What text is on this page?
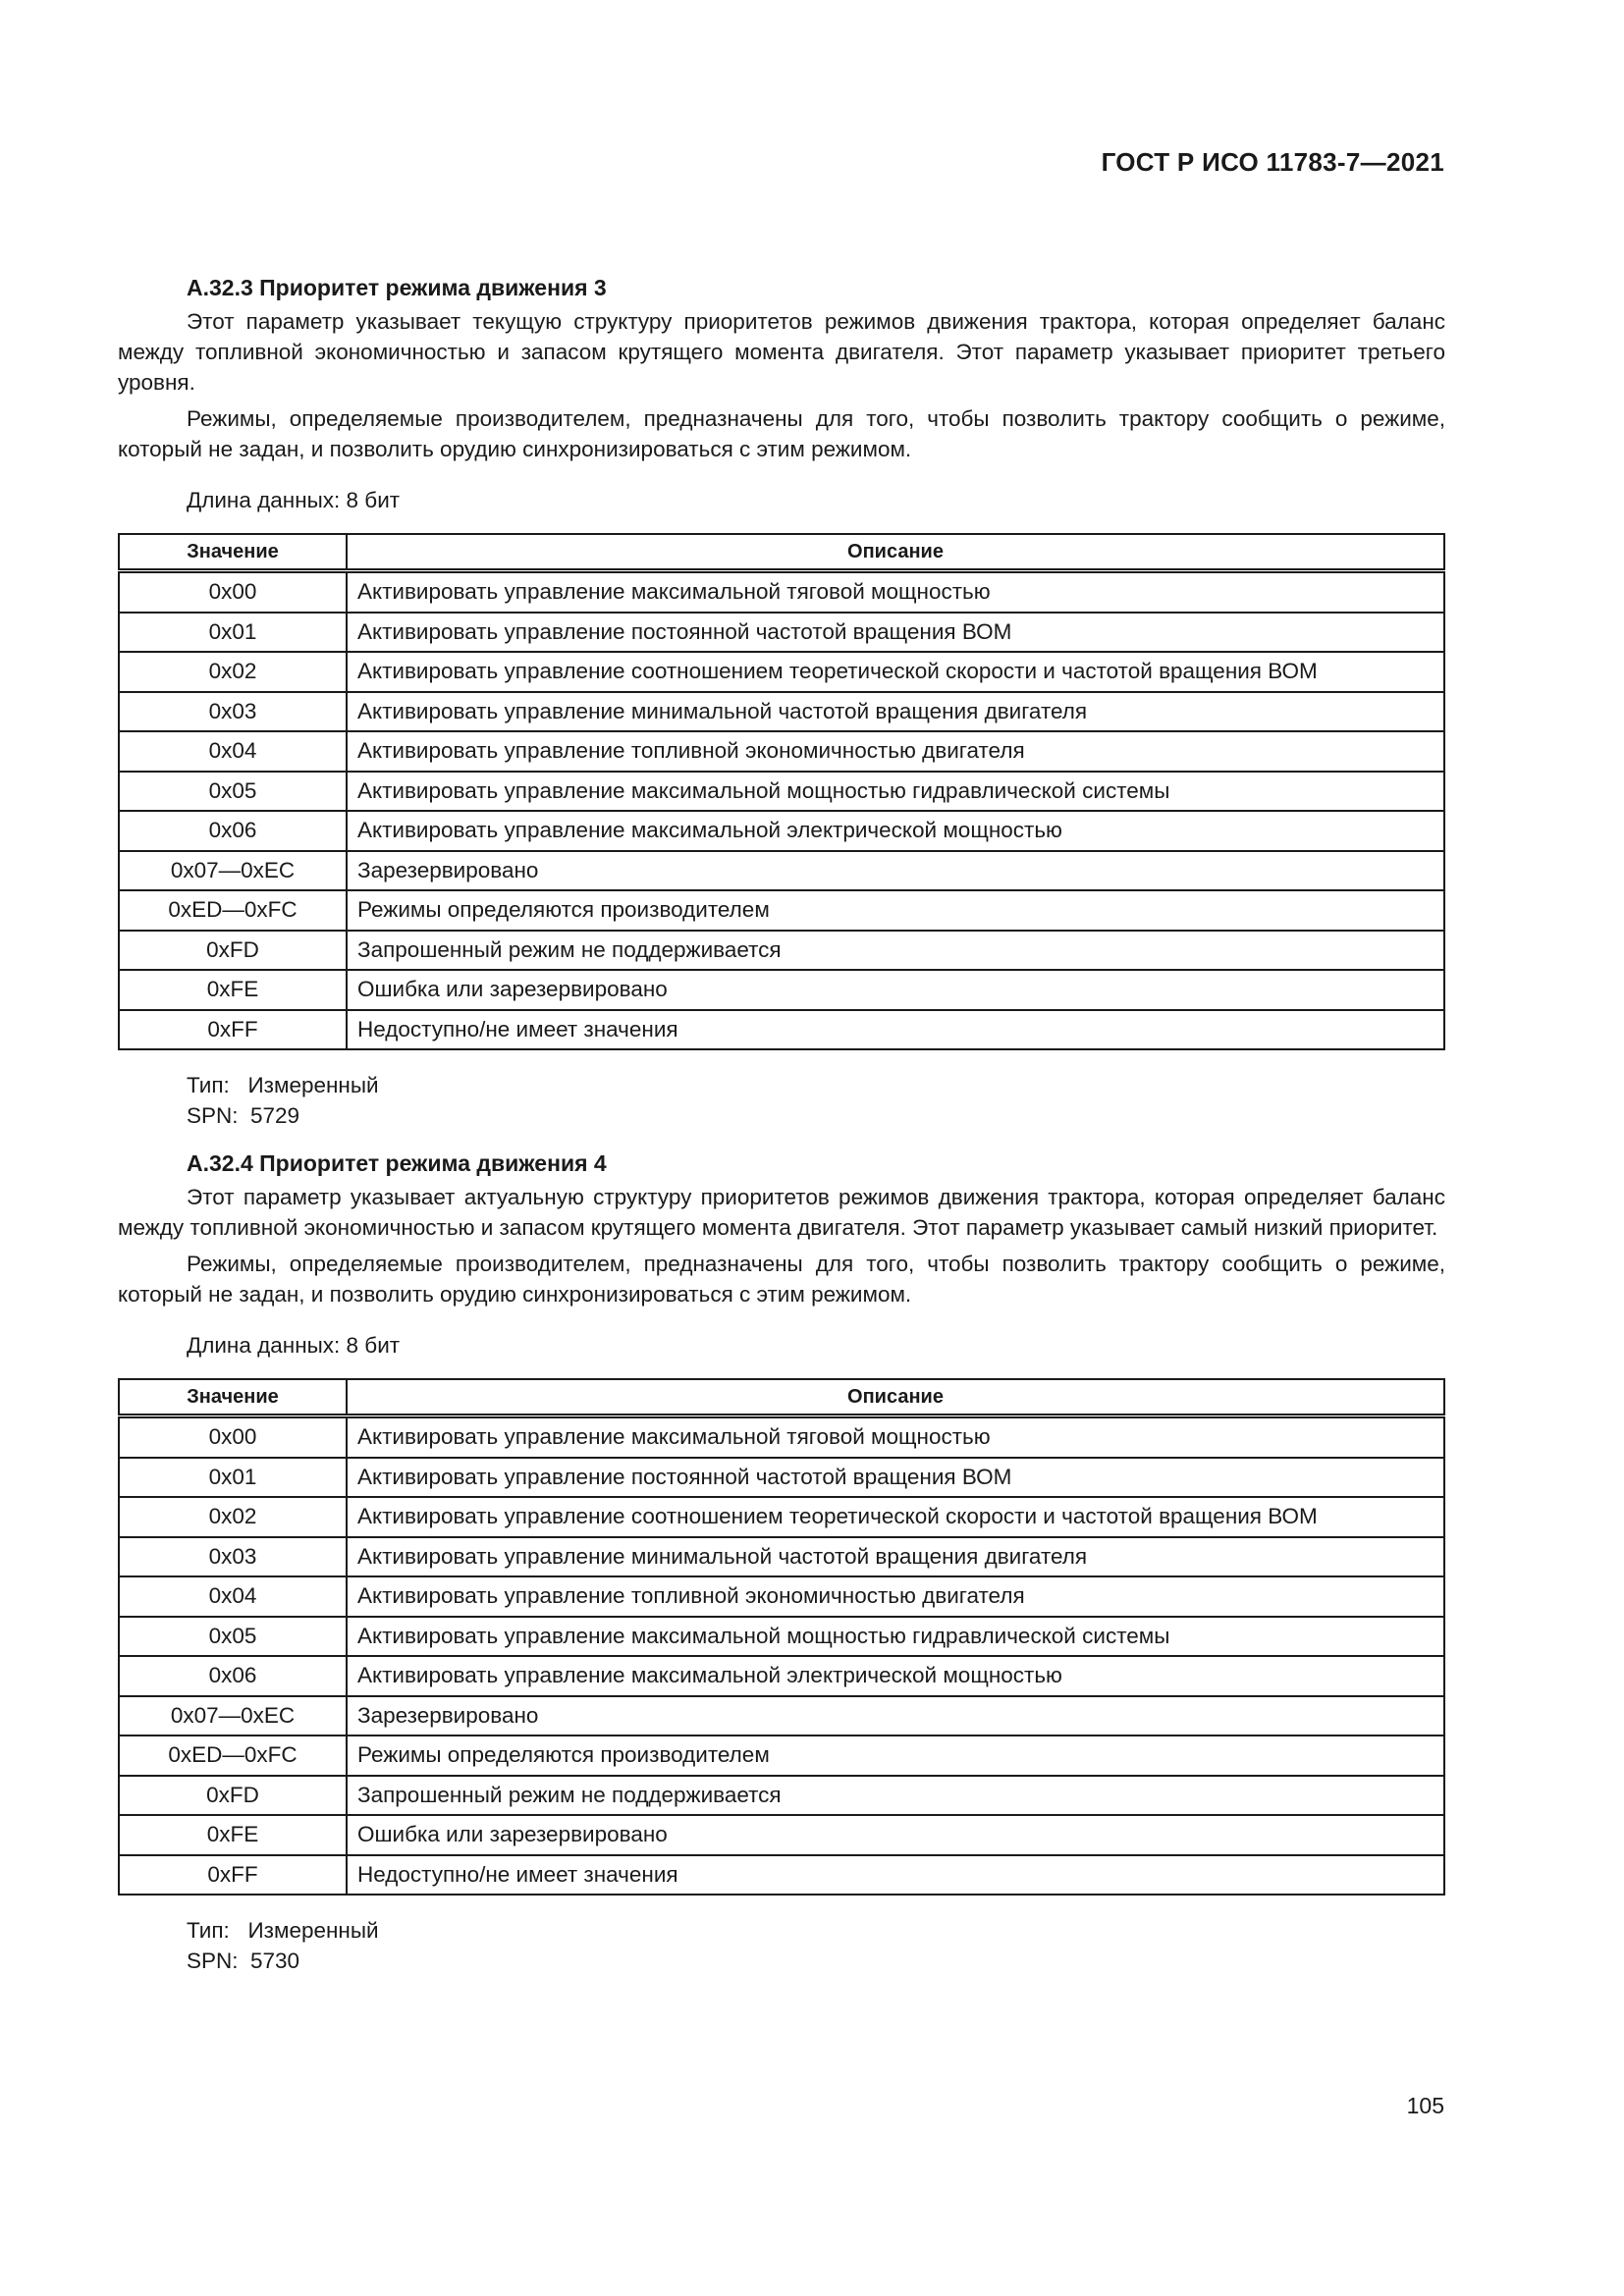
ГОСТ Р ИСО 11783-7—2021
А.32.3 Приоритет режима движения 3

Этот параметр указывает текущую структуру приоритетов режимов движения трактора, которая определяет баланс между топливной экономичностью и запасом крутящего момента двигателя. Этот параметр указывает приоритет третьего уровня.

Режимы, определяемые производителем, предназначены для того, чтобы позволить трактору сообщить о режиме, который не задан, и позволить орудию синхронизироваться с этим режимом.

Длина данных: 8 бит
Значение	Описание
0x00	Активировать управление максимальной тяговой мощностью
0x01	Активировать управление постоянной частотой вращения ВОМ
0x02	Активировать управление соотношением теоретической скорости и частотой вращения ВОМ
0x03	Активировать управление минимальной частотой вращения двигателя
0x04	Активировать управление топливной экономичностью двигателя
0x05	Активировать управление максимальной мощностью гидравлической системы
0x06	Активировать управление максимальной электрической мощностью
0x07—0xEC	Зарезервировано
0xED—0xFC	Режимы определяются производителем
0xFD	Запрошенный режим не поддерживается
0xFE	Ошибка или зарезервировано
0xFF	Недоступно/не имеет значения
Тип:   Измеренный
SPN:  5729
А.32.4 Приоритет режима движения 4

Этот параметр указывает актуальную структуру приоритетов режимов движения трактора, которая определяет баланс между топливной экономичностью и запасом крутящего момента двигателя. Этот параметр указывает самый низкий приоритет.

Режимы, определяемые производителем, предназначены для того, чтобы позволить трактору сообщить о режиме, который не задан, и позволить орудию синхронизироваться с этим режимом.

Длина данных: 8 бит
Значение	Описание
0x00	Активировать управление максимальной тяговой мощностью
0x01	Активировать управление постоянной частотой вращения ВОМ
0x02	Активировать управление соотношением теоретической скорости и частотой вращения ВОМ
0x03	Активировать управление минимальной частотой вращения двигателя
0x04	Активировать управление топливной экономичностью двигателя
0x05	Активировать управление максимальной мощностью гидравлической системы
0x06	Активировать управление максимальной электрической мощностью
0x07—0xEC	Зарезервировано
0xED—0xFC	Режимы определяются производителем
0xFD	Запрошенный режим не поддерживается
0xFE	Ошибка или зарезервировано
0xFF	Недоступно/не имеет значения
Тип:   Измеренный
SPN:  5730
105
